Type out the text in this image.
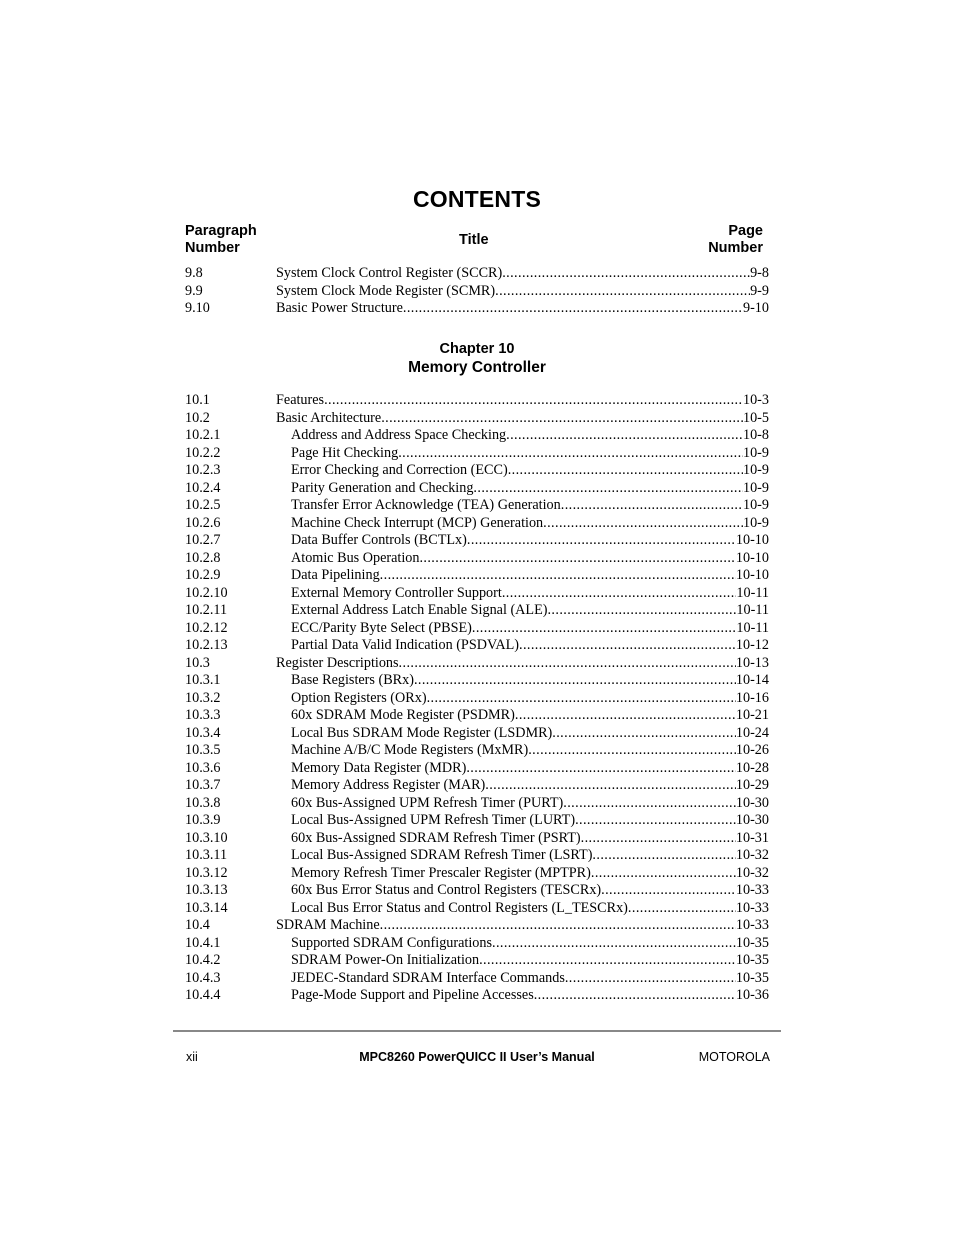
CONTENTS
Paragraph
Number	Title
Page
Number
9.8	System Clock Control Register (SCCR) .....	9-8
9.9	System Clock Mode Register (SCMR) .....	9-9
9.10	Basic Power Structure .....	9-10
Chapter 10
Memory Controller
10.1	Features .....	10-3
10.2	Basic Architecture .....	10-5
10.2.1	Address and Address Space Checking .....	10-8
10.2.2	Page Hit Checking .....	10-9
10.2.3	Error Checking and Correction (ECC) .....	10-9
10.2.4	Parity Generation and Checking .....	10-9
10.2.5	Transfer Error Acknowledge (TEA) Generation .....	10-9
10.2.6	Machine Check Interrupt (MCP) Generation .....	10-9
10.2.7	Data Buffer Controls (BCTLx) .....	10-10
10.2.8	Atomic Bus Operation .....	10-10
10.2.9	Data Pipelining .....	10-10
10.2.10	External Memory Controller Support .....	10-11
10.2.11	External Address Latch Enable Signal (ALE) .....	10-11
10.2.12	ECC/Parity Byte Select (PBSE) .....	10-11
10.2.13	Partial Data Valid Indication (PSDVAL) .....	10-12
10.3	Register Descriptions .....	10-13
10.3.1	Base Registers (BRx) .....	10-14
10.3.2	Option Registers (ORx) .....	10-16
10.3.3	60x SDRAM Mode Register (PSDMR) .....	10-21
10.3.4	Local Bus SDRAM Mode Register (LSDMR) .....	10-24
10.3.5	Machine A/B/C Mode Registers (MxMR) .....	10-26
10.3.6	Memory Data Register (MDR) .....	10-28
10.3.7	Memory Address Register (MAR) .....	10-29
10.3.8	60x Bus-Assigned UPM Refresh Timer (PURT) .....	10-30
10.3.9	Local Bus-Assigned UPM Refresh Timer (LURT) .....	10-30
10.3.10	60x Bus-Assigned SDRAM Refresh Timer (PSRT) .....	10-31
10.3.11	Local Bus-Assigned SDRAM Refresh Timer (LSRT) .....	10-32
10.3.12	Memory Refresh Timer Prescaler Register (MPTPR) .....	10-32
10.3.13	60x Bus Error Status and Control Registers (TESCRx) .....	10-33
10.3.14	Local Bus Error Status and Control Registers (L_TESCRx) .....	10-33
10.4	SDRAM Machine .....	10-33
10.4.1	Supported SDRAM Configurations .....	10-35
10.4.2	SDRAM Power-On Initialization .....	10-35
10.4.3	JEDEC-Standard SDRAM Interface Commands .....	10-35
10.4.4	Page-Mode Support and Pipeline Accesses .....	10-36
xii	MPC8260 PowerQUICC II User’s Manual	MOTOROLA
